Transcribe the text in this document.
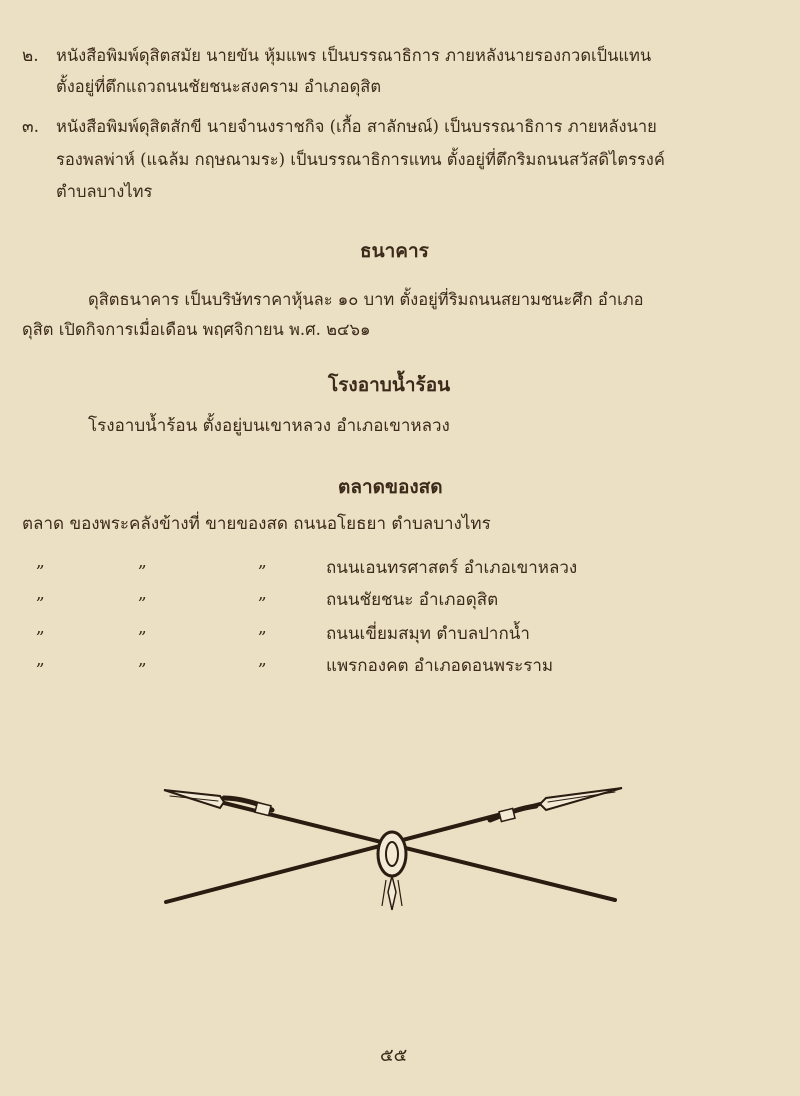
๒. หนังสือพิมพ์ดุสิตสมัย นายขัน หุ้มแพร เป็นบรรณาธิการ ภายหลังนายรองกวดเป็นแทน
ตั้งอยู่ที่ตึกแถวถนนชัยชนะสงคราม อำเภอดุสิต
๓. หนังสือพิมพ์ดุสิตสักขี นายจำนงราชกิจ (เกื้อ สาลักษณ์) เป็นบรรณาธิการ ภายหลังนาย
รองพลพ่าห์ (แฉล้ม กฤษณามระ) เป็นบรรณาธิการแทน ตั้งอยู่ที่ตึกริมถนนสวัสดิไตรรงค์
ตำบลบางไทร
ธนาคาร
ดุสิตธนาคาร เป็นบริษัทราคาหุ้นละ ๑๐ บาท ตั้งอยู่ที่ริมถนนสยามชนะศึก อำเภอ
ดุสิต เปิดกิจการเมื่อเดือน พฤศจิกายน พ.ศ. ๒๔๖๑
โรงอาบน้ำร้อน
โรงอาบน้ำร้อน ตั้งอยู่บนเขาหลวง อำเภอเขาหลวง
ตลาดของสด
ตลาด ของพระคลังข้างที่ ขายของสด ถนนอโยธยา ตำบลบางไทร
„	„	„	ถนนเอนทรศาสตร์ อำเภอเขาหลวง
„	„	„	ถนนชัยชนะ อำเภอดุสิต
„	„	„	ถนนเขี่ยมสมุท ตำบลปากน้ำ
„	„	„	แพรกองคต อำเภอดอนพระราม
๕๕
